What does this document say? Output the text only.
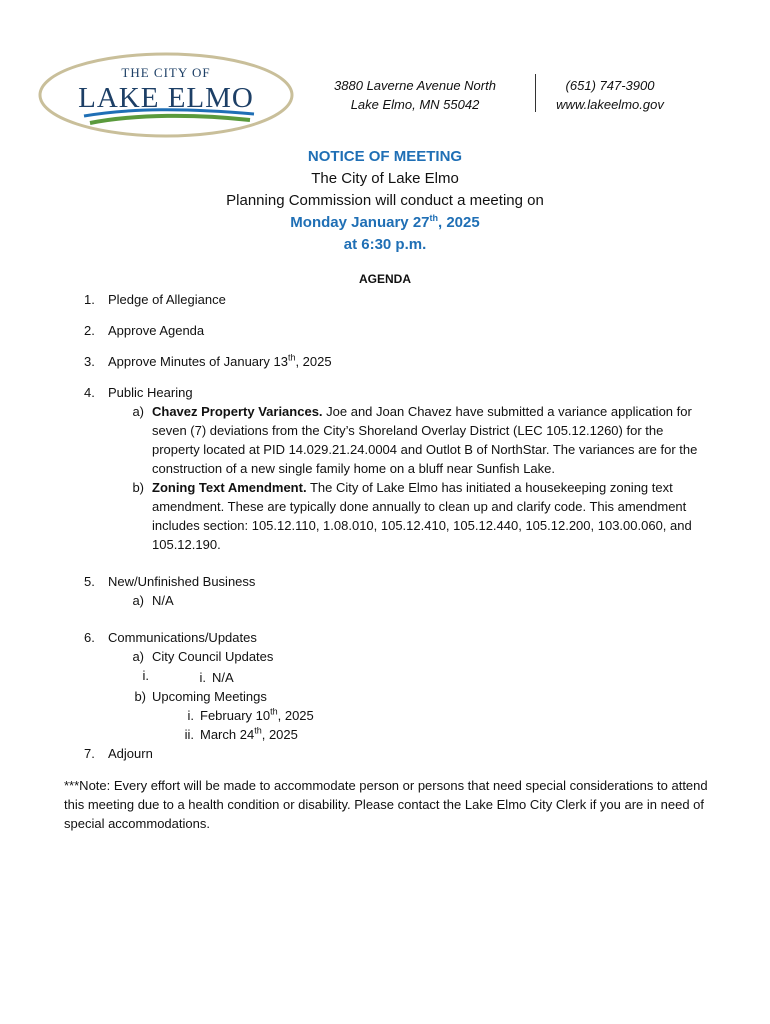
THE CITY OF
LAKE ELMO	3880 Laverne Avenue North
Lake Elmo, MN 55042
(651) 747-3900
www.lakeelmo.gov
NOTICE OF MEETING
The City of Lake Elmo
Planning Commission will conduct a meeting on
Monday January 27th, 2025
at 6:30 p.m.
AGENDA
1. Pledge of Allegiance
2. Approve Agenda
3. Approve Minutes of January 13th, 2025
4. Public Hearing
a) Chavez Property Variances. Joe and Joan Chavez have submitted a variance application for seven (7) deviations from the City’s Shoreland Overlay District (LEC 105.12.1260) for the property located at PID 14.029.21.24.0004 and Outlot B of NorthStar. The variances are for the construction of a new single family home on a bluff near Sunfish Lake.
b) Zoning Text Amendment. The City of Lake Elmo has initiated a housekeeping zoning text amendment. These are typically done annually to clean up and clarify code. This amendment includes section: 105.12.110, 1.08.010, 105.12.410, 105.12.440, 105.12.200, 103.00.060, and 105.12.190.
5. New/Unfinished Business
a) N/A
6. Communications/Updates
a) City Council Updates
i.	i. N/A
b) Upcoming Meetings
i. February 10th, 2025
ii. March 24th, 2025
7. Adjourn
***Note: Every effort will be made to accommodate person or persons that need special considerations to attend this meeting due to a health condition or disability. Please contact the Lake Elmo City Clerk if you are in need of special accommodations.
